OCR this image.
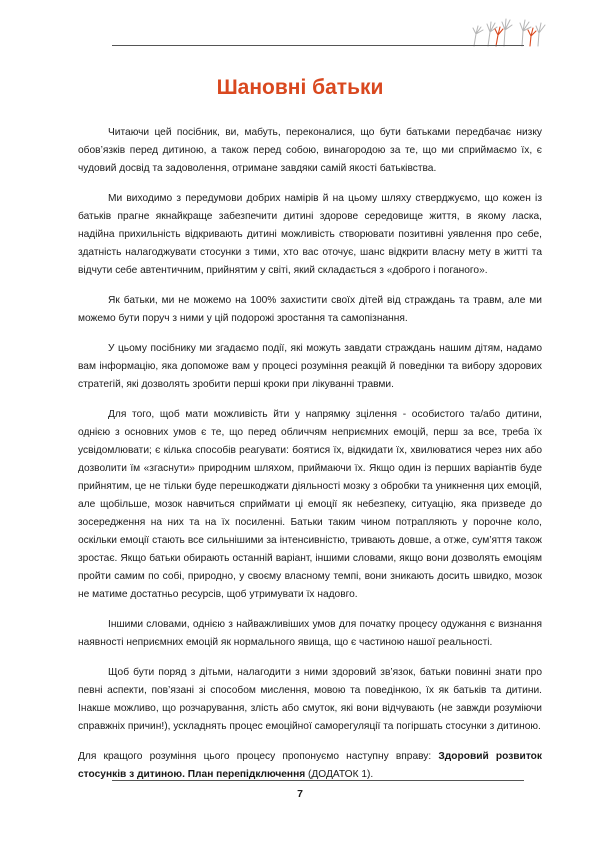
Шановні батьки

Читаючи цей посібник, ви, мабуть, переконалися, що бути батьками передбачає низку обов’язків перед дитиною, а також перед собою, винагородою за те, що ми сприймаємо їх, є чудовий досвід та задоволення, отримане завдяки самій якості батьківства.

Ми виходимо з передумови добрих намірів й на цьому шляху стверджуємо, що кожен із батьків прагне якнайкраще забезпечити дитині здорове середовище життя, в якому ласка, надійна прихильність відкривають дитині можливість створювати позитивні уявлення про себе, здатність налагоджувати стосунки з тими, хто вас оточує, шанс відкрити власну мету в житті та відчути себе автентичним, прийнятим у світі, який складається з «доброго і поганого».

Як батьки, ми не можемо на 100% захистити своїх дітей від страждань та травм, але ми можемо бути поруч з ними у цій подорожі зростання та самопізнання.

У цьому посібнику ми згадаємо події, які можуть завдати страждань нашим дітям, надамо вам інформацію, яка допоможе вам у процесі розуміння реакцій й поведінки та вибору здорових стратегій, які дозволять зробити перші кроки при лікуванні травми.

Для того, щоб мати можливість йти у напрямку зцілення - особистого та/або дитини, однією з основних умов є те, що перед обличчям неприємних емоцій, перш за все, треба їх усвідомлювати; є кілька способів реагувати: боятися їх, відкидати їх, хвилюватися через них або дозволити їм «згаснути» природним шляхом, приймаючи їх. Якщо один із перших варіантів буде прийнятим, це не тільки буде перешкоджати діяльності мозку з обробки та уникнення цих емоцій, але щобільше, мозок навчиться сприймати ці емоції як небезпеку, ситуацію, яка призведе до зосередження на них та на їх посиленні. Батьки таким чином потрапляють у порочне коло, оскільки емоції стають все сильнішими за інтенсивністю, тривають довше, а отже, сум’яття також зростає. Якщо батьки обирають останній варіант, іншими словами, якщо вони дозволять емоціям пройти самим по собі, природно, у своєму власному темпі, вони зникають досить швидко, мозок не матиме достатньо ресурсів, щоб утримувати їх надовго.

Іншими словами, однією з найважливіших умов для початку процесу одужання є визнання наявності неприємних емоцій як нормального явища, що є частиною нашої реальності.

Щоб бути поряд з дітьми, налагодити з ними здоровий зв’язок, батьки повинні знати про певні аспекти, пов’язані зі способом мислення, мовою та поведінкою, їх як батьків та дитини. Інакше можливо, що розчарування, злість або смуток, які вони відчувають (не завжди розуміючи справжніх причин!), ускладнять процес емоційної саморегуляції та погіршать стосунки з дитиною.

Для кращого розуміння цього процесу пропонуємо наступну вправу: Здоровий розвиток стосунків з дитиною. План перепідключення (ДОДАТОК 1).

7
